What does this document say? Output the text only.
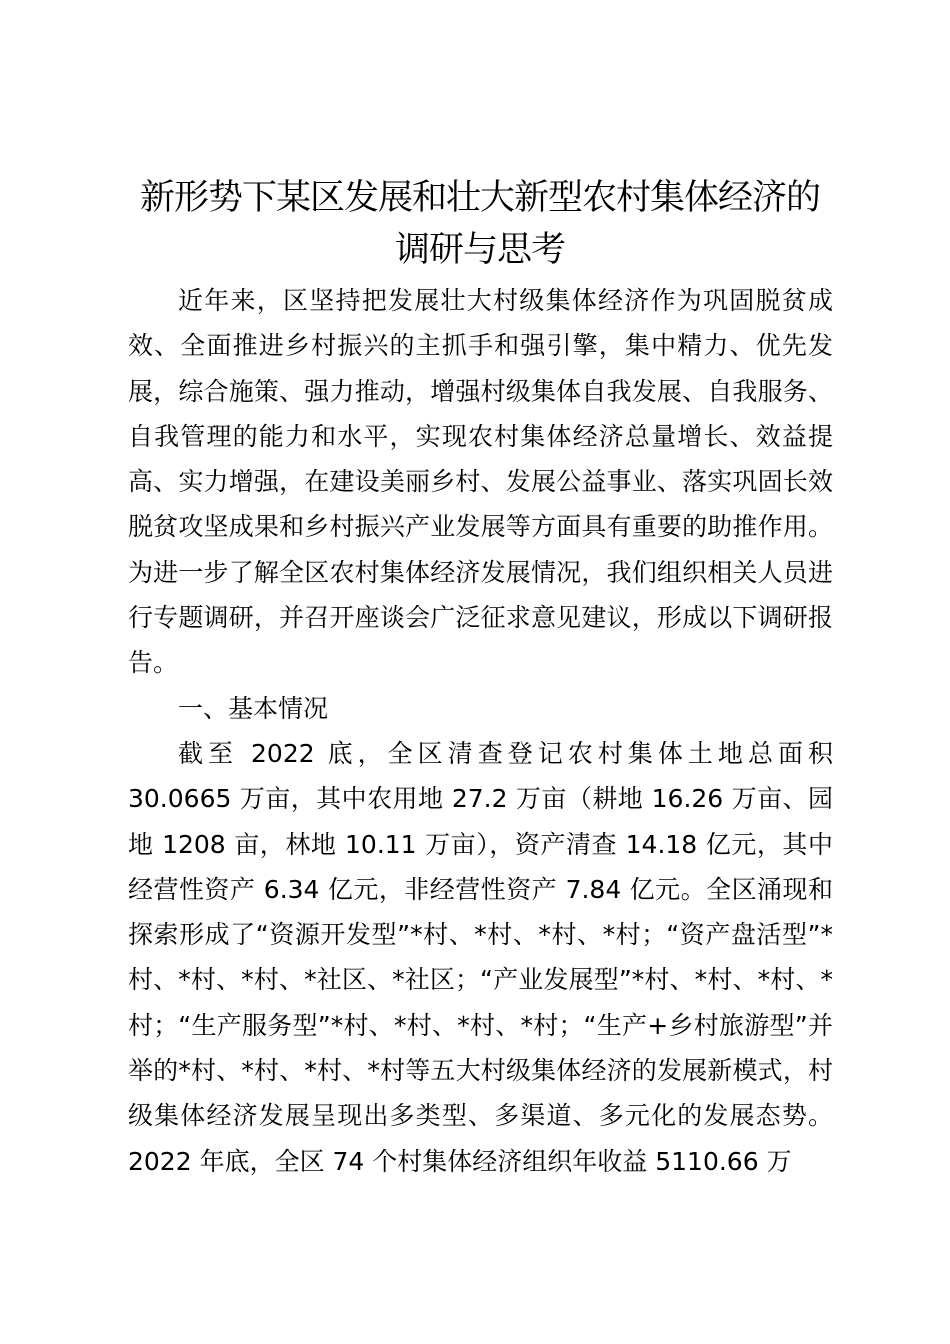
新形势下某区发展和壮大新型农村集体经济的
调研与思考

近年来，区坚持把发展壮大村级集体经济作为巩固脱贫成效、全面推进乡村振兴的主抓手和强引擎，集中精力、优先发展，综合施策、强力推动，增强村级集体自我发展、自我服务、自我管理的能力和水平，实现农村集体经济总量增长、效益提高、实力增强，在建设美丽乡村、发展公益事业、落实巩固长效脱贫攻坚成果和乡村振兴产业发展等方面具有重要的助推作用。为进一步了解全区农村集体经济发展情况，我们组织相关人员进行专题调研，并召开座谈会广泛征求意见建议，形成以下调研报告。

一、基本情况

截至 2022 底，全区清查登记农村集体土地总面积 30.0665 万亩，其中农用地 27.2 万亩（耕地 16.26 万亩、园地 1208 亩，林地 10.11 万亩），资产清查 14.18 亿元，其中经营性资产 6.34 亿元，非经营性资产 7.84 亿元。全区涌现和探索形成了“资源开发型”*村、*村、*村、*村；“资产盘活型”*村、*村、*村、*社区、*社区；“产业发展型”*村、*村、*村、*村；“生产服务型”*村、*村、*村、*村；“生产+乡村旅游型”并举的*村、*村、*村、*村等五大村级集体经济的发展新模式，村级集体经济发展呈现出多类型、多渠道、多元化的发展态势。2022 年底，全区 74 个村集体经济组织年收益 5110.66 万
